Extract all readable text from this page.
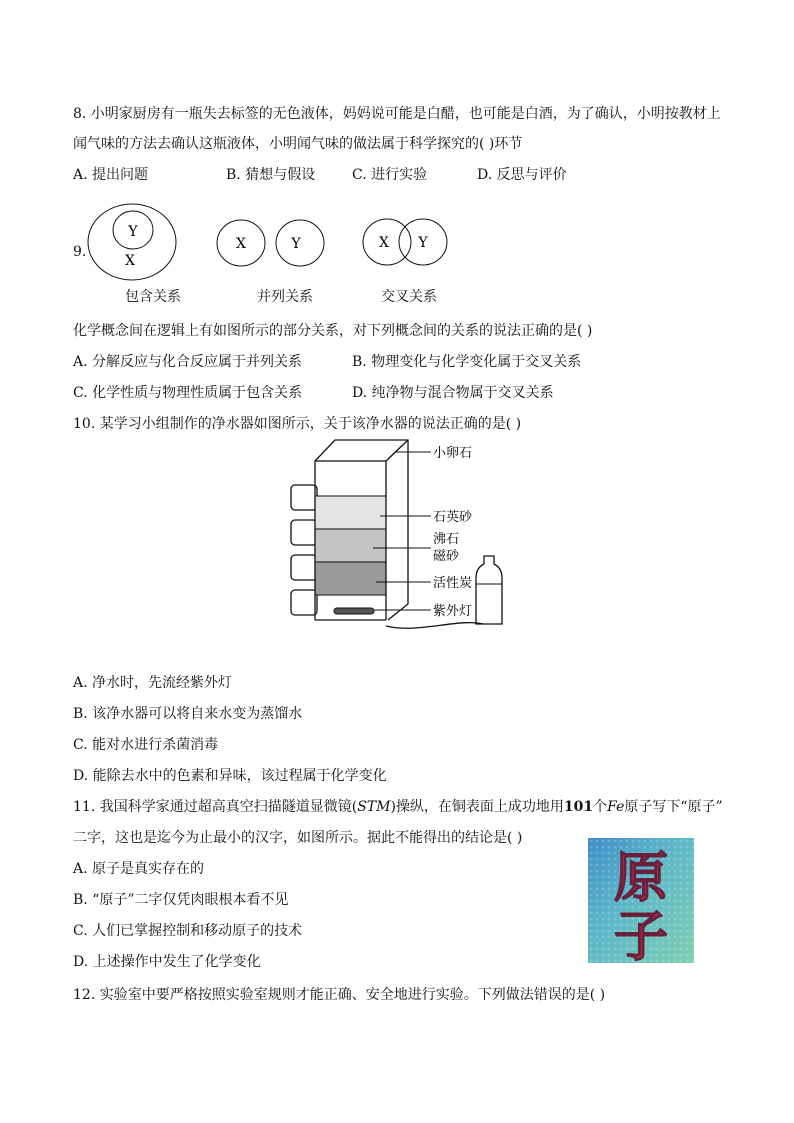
8. 小明家厨房有一瓶失去标签的无色液体，妈妈说可能是白醋，也可能是白酒，为了确认，小明按教材上
闻气味的方法去确认这瓶液体，小明闻气味的做法属于科学探究的( )环节
A. 提出问题	B. 猜想与假设	C. 进行实验	D. 反思与评价
9.
Y
X
X	Y	X Y
包含关系	并列关系	交叉关系
化学概念间在逻辑上有如图所示的部分关系，对下列概念间的关系的说法正确的是( )
A. 分解反应与化合反应属于并列关系	B. 物理变化与化学变化属于交叉关系
C. 化学性质与物理性质属于包含关系	D. 纯净物与混合物属于交叉关系
10. 某学习小组制作的净水器如图所示，关于该净水器的说法正确的是( )
小卵石
石英砂
沸石
磁砂
活性炭
紫外灯
A. 净水时，先流经紫外灯
B. 该净水器可以将自来水变为蒸馏水
C. 能对水进行杀菌消毒
D. 能除去水中的色素和异味，该过程属于化学变化
11. 我国科学家通过超高真空扫描隧道显微镜(STM)操纵，在铜表面上成功地用101个Fe原子写下“原子”
二字，这也是迄今为止最小的汉字，如图所示。据此不能得出的结论是( )
A. 原子是真实存在的
B. “原子”二字仅凭肉眼根本看不见
C. 人们已掌握控制和移动原子的技术
D. 上述操作中发生了化学变化
原
子
12. 实验室中要严格按照实验室规则才能正确、安全地进行实验。下列做法错误的是( )
